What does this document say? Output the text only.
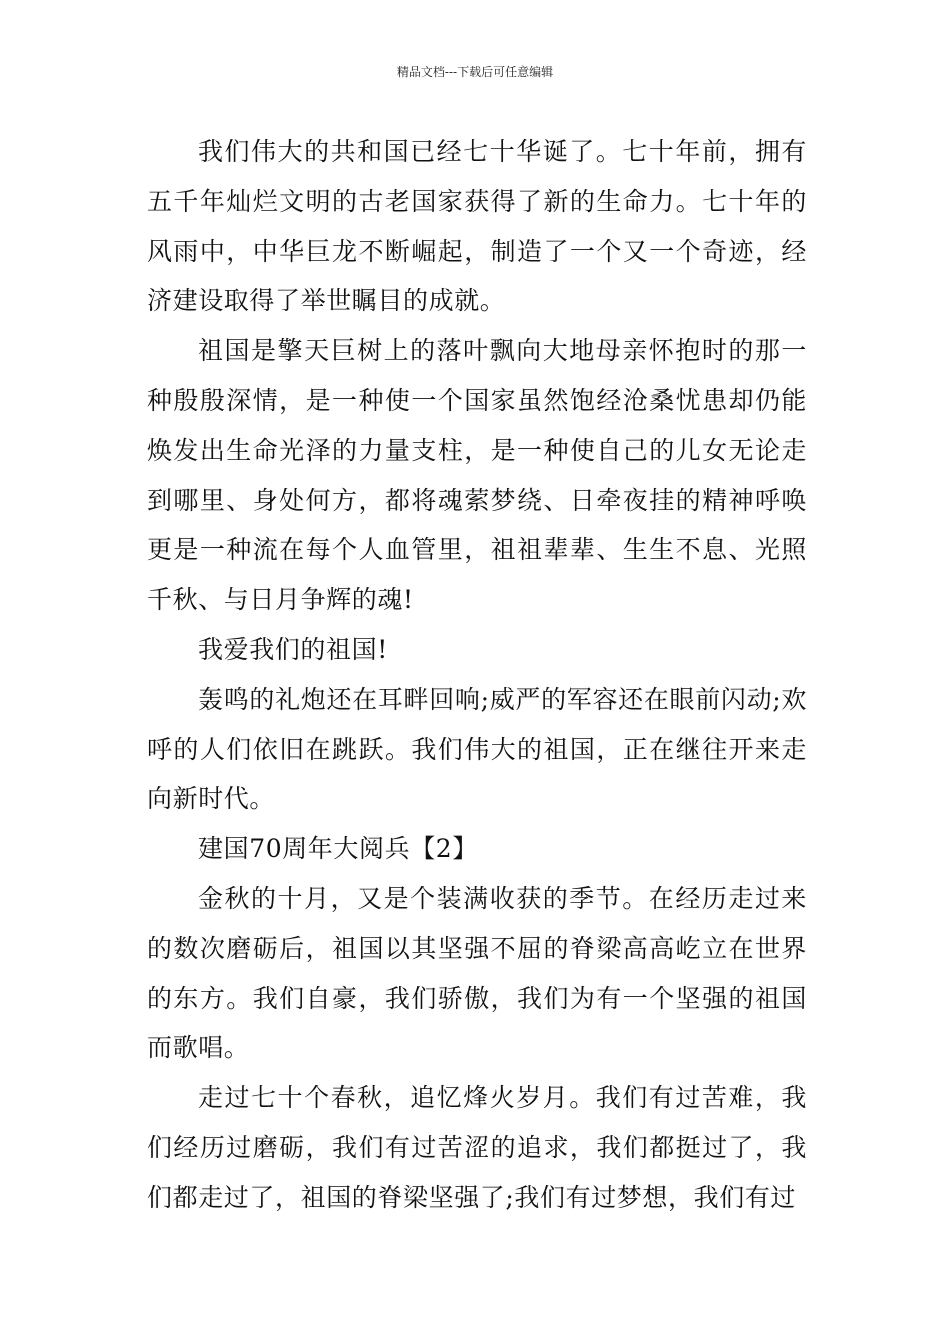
精品文档---下载后可任意编辑

我们伟大的共和国已经七十华诞了。七十年前，拥有五千年灿烂文明的古老国家获得了新的生命力。七十年的风雨中，中华巨龙不断崛起，制造了一个又一个奇迹，经济建设取得了举世瞩目的成就。

祖国是擎天巨树上的落叶飘向大地母亲怀抱时的那一种殷殷深情，是一种使一个国家虽然饱经沧桑忧患却仍能焕发出生命光泽的力量支柱，是一种使自己的儿女无论走到哪里、身处何方，都将魂萦梦绕、日牵夜挂的精神呼唤更是一种流在每个人血管里，祖祖辈辈、生生不息、光照千秋、与日月争辉的魂!

我爱我们的祖国!

轰鸣的礼炮还在耳畔回响;威严的军容还在眼前闪动;欢呼的人们依旧在跳跃。我们伟大的祖国，正在继往开来走向新时代。

建国70周年大阅兵【2】

金秋的十月，又是个装满收获的季节。在经历走过来的数次磨砺后，祖国以其坚强不屈的脊梁高高屹立在世界的东方。我们自豪，我们骄傲，我们为有一个坚强的祖国而歌唱。

走过七十个春秋，追忆烽火岁月。我们有过苦难，我们经历过磨砺，我们有过苦涩的追求，我们都挺过了，我们都走过了，祖国的脊梁坚强了;我们有过梦想，我们有过
